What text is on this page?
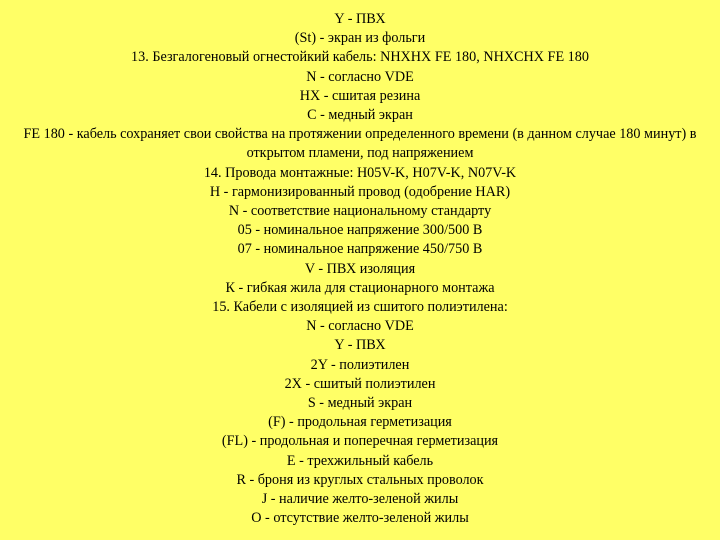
Y - ПВХ
(St) - экран из фольги
13. Безгалогеновый огнестойкий кабель: NHXHX FE 180, NHXCHX FE 180
N - согласно VDE
HX - сшитая резина
С - медный экран
FE 180 - кабель сохраняет свои свойства на протяжении определенного времени (в данном случае 180 минут) в открытом пламени, под напряжением
14. Провода монтажные: H05V-K, H07V-K, N07V-K
H - гармонизированный провод (одобрение HAR)
N - соответствие национальному стандарту
05 - номинальное напряжение 300/500 В
07 - номинальное напряжение 450/750 В
V - ПВХ изоляция
К - гибкая жила для стационарного монтажа
15. Кабели с изоляцией из сшитого полиэтилена:
N - согласно VDE
Y - ПВХ
2Y - полиэтилен
2X - сшитый полиэтилен
S - медный экран
(F) - продольная герметизация
(FL) - продольная и поперечная герметизация
E - трехжильный кабель
R - броня из круглых стальных проволок
J - наличие желто-зеленой жилы
O - отсутствие желто-зеленой жилы
